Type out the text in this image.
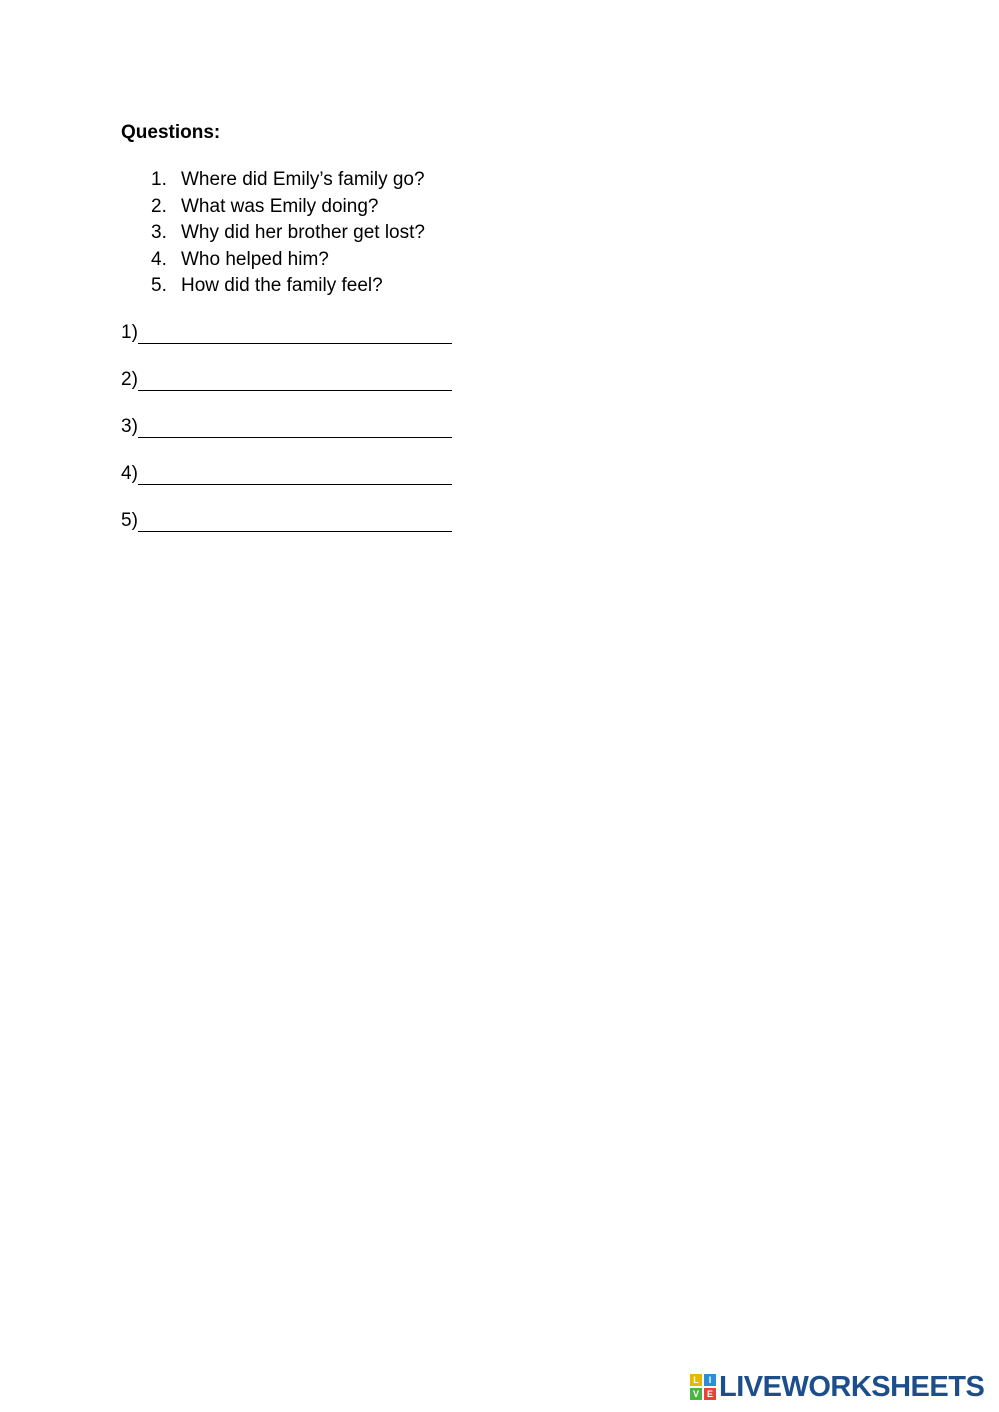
Questions:

1. Where did Emily’s family go?
2. What was Emily doing?
3. Why did her brother get lost?
4. Who helped him?
5. How did the family feel?
1)
2)
3)
4)
5)
L	I
V E LIVEWORKSHEETS
